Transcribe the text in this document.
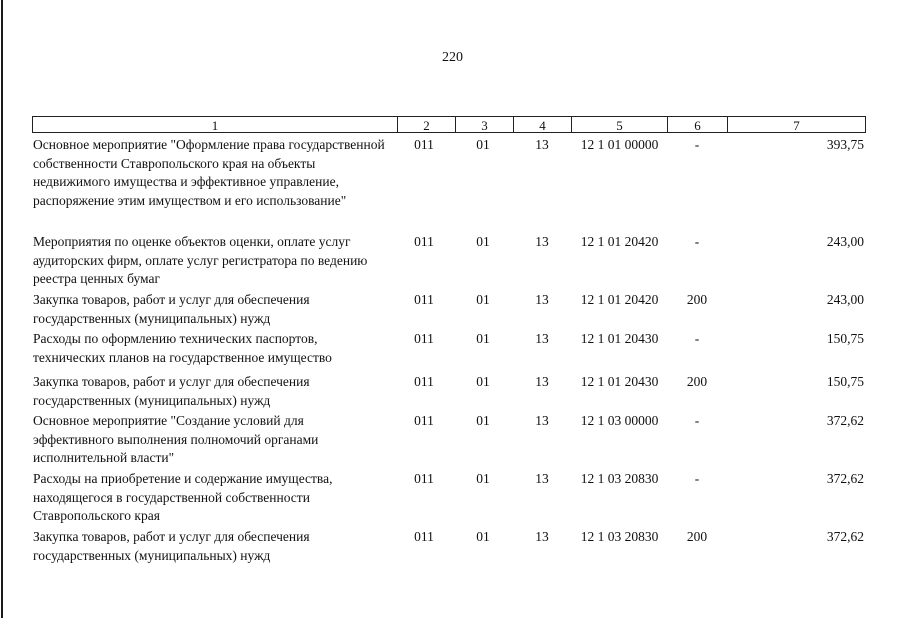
220
1	2	3	4	5	6	7
Основное мероприятие "Оформление права государственной собственности Ставропольского края на объекты недвижимого имущества и эффективное управление, распоряжение этим имуществом и его использование"
011	01	13	12 1 01 00000	-	393,75
Мероприятия по оценке объектов оценки, оплате услуг аудиторских фирм, оплате услуг регистратора по ведению реестра ценных бумаг
011	01	13	12 1 01 20420	-	243,00
Закупка товаров, работ и услуг для обеспечения государственных (муниципальных) нужд
011	01	13	12 1 01 20420	200	243,00
Расходы по оформлению технических паспортов, технических планов на государственное имущество
011	01	13	12 1 01 20430	-	150,75
Закупка товаров, работ и услуг для обеспечения государственных (муниципальных) нужд
011	01	13	12 1 01 20430	200	150,75
Основное мероприятие "Создание условий для эффективного выполнения полномочий органами исполнительной власти"
011	01	13	12 1 03 00000	-	372,62
Расходы на приобретение и содержание имущества, находящегося в государственной собственности Ставропольского края
011	01	13	12 1 03 20830	-	372,62
Закупка товаров, работ и услуг для обеспечения государственных (муниципальных) нужд
011	01	13	12 1 03 20830	200	372,62
